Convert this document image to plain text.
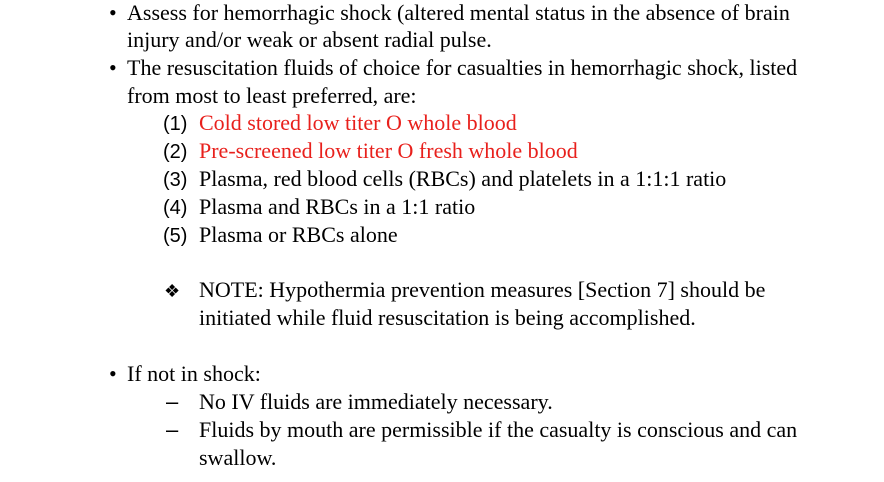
• Assess for hemorrhagic shock (altered mental status in the absence of brain
injury and/or weak or absent radial pulse.
• The resuscitation fluids of choice for casualties in hemorrhagic shock, listed
from most to least preferred, are:
(1) Cold stored low titer O whole blood
(2) Pre-screened low titer O fresh whole blood
(3) Plasma, red blood cells (RBCs) and platelets in a 1:1:1 ratio
(4) Plasma and RBCs in a 1:1 ratio
(5) Plasma or RBCs alone
❖ NOTE: Hypothermia prevention measures [Section 7] should be
initiated while fluid resuscitation is being accomplished.
• If not in shock:
– No IV fluids are immediately necessary.
– Fluids by mouth are permissible if the casualty is conscious and can
swallow.
